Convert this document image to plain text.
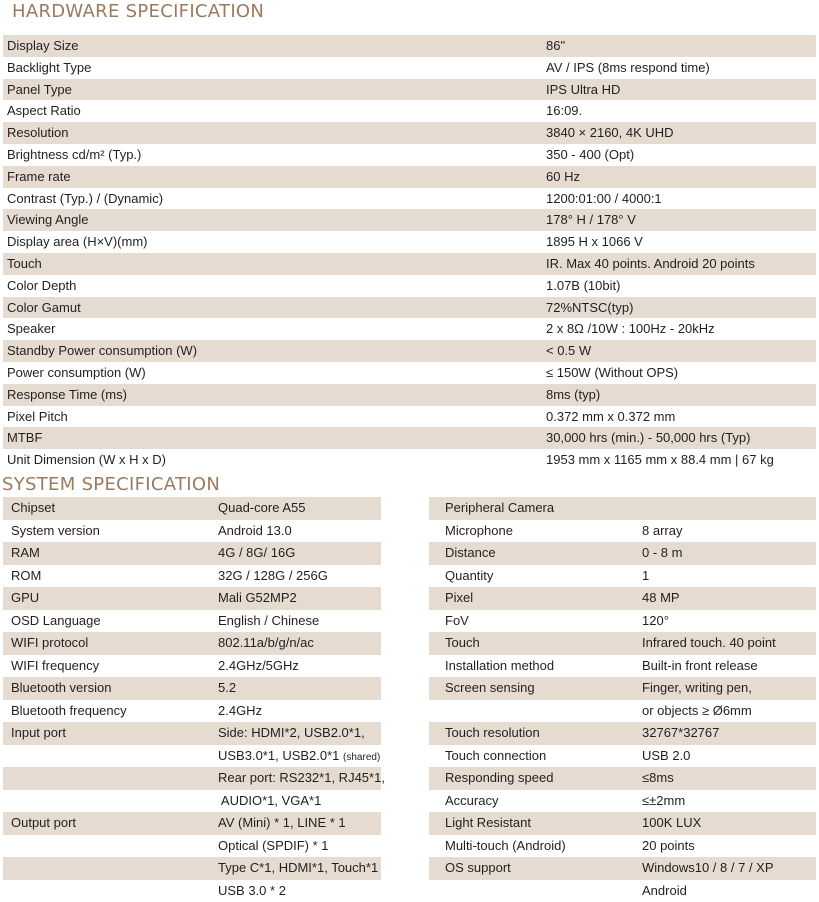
HARDWARE SPECIFICATION
Display Size	86"
Backlight Type	AV / IPS (8ms respond time)
Panel Type	IPS Ultra HD
Aspect Ratio	16:09.
Resolution	3840 × 2160, 4K UHD
Brightness cd/m² (Typ.)	350 - 400 (Opt)
Frame rate	60 Hz
Contrast (Typ.) / (Dynamic)	1200:01:00 / 4000:1
Viewing Angle	178° H / 178° V
Display area (H×V)(mm)	1895 H x 1066 V
Touch	IR. Max 40 points. Android 20 points
Color Depth	1.07B (10bit)
Color Gamut	72%NTSC(typ)
Speaker	2 x 8Ω /10W : 100Hz - 20kHz
Standby Power consumption (W)	< 0.5 W
Power consumption (W)	≤ 150W (Without OPS)
Response Time (ms)	8ms (typ)
Pixel Pitch	0.372 mm x 0.372 mm
MTBF	30,000 hrs (min.) - 50,000 hrs (Typ)
Unit Dimension (W x H x D)	1953 mm x 1165 mm x 88.4 mm | 67 kg
SYSTEM SPECIFICATION
Chipset	Quad-core A55
System version	Android 13.0
RAM	4G / 8G/ 16G
ROM	32G / 128G / 256G
GPU	Mali G52MP2
OSD Language	English / Chinese
WIFI protocol	802.11a/b/g/n/ac
WIFI frequency	2.4GHz/5GHz
Bluetooth version	5.2
Bluetooth frequency	2.4GHz
Input port	Side: HDMI*2, USB2.0*1,
USB3.0*1, USB2.0*1 (shared)
Rear port: RS232*1, RJ45*1,
AUDIO*1, VGA*1
Output port	AV (Mini) * 1, LINE * 1
Optical (SPDIF) * 1
Type C*1, HDMI*1, Touch*1
USB 3.0 * 2
Peripheral Camera
Microphone	8 array
Distance	0 - 8 m
Quantity	1
Pixel	48 MP
FoV	120°
Touch	Infrared touch. 40 point
Installation method	Built-in front release
Screen sensing	Finger, writing pen,
or objects ≥ Ø6mm
Touch resolution	32767*32767
Touch connection	USB 2.0
Responding speed	≤8ms
Accuracy	≤±2mm
Light Resistant	100K LUX
Multi-touch (Android)	20 points
OS support	Windows10 / 8 / 7 / XP
Android
